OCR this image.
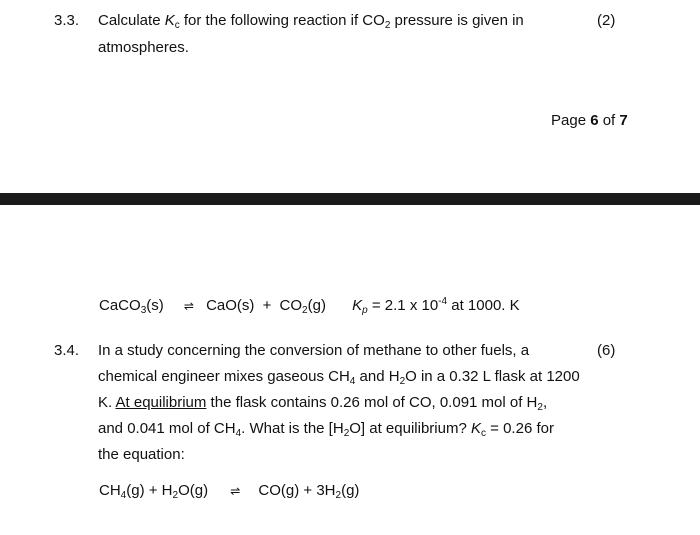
3.3. Calculate $K_c$ for the following reaction if $CO_2$ pressure is given in	(2)
atmospheres.
Page 6 of 7
CaCO$_3$(s) ⇌ $CaO(s) + CO_2(g) K_p = 2.1$ x $10^{-4}$ at 1000. K
3.4.	(6)
In a study concerning the conversion of methane to other fuels, a
chemical engineer mixes gaseous $CH_4$ and $H_2O$ in a 0.32 L flask at 1200
K. At equilibrium the flask contains 0.26 mol of CO, 0.091 mol of $H_2$,
and 0.041 mol of $CH_4$. What is the $[H_2O]$ at equilibrium? $K_c = 0.26$ for
the equation:
$CH_4(g) + H_2O(g)$ ⇌ $CO(g) + 3H_2(g)$
